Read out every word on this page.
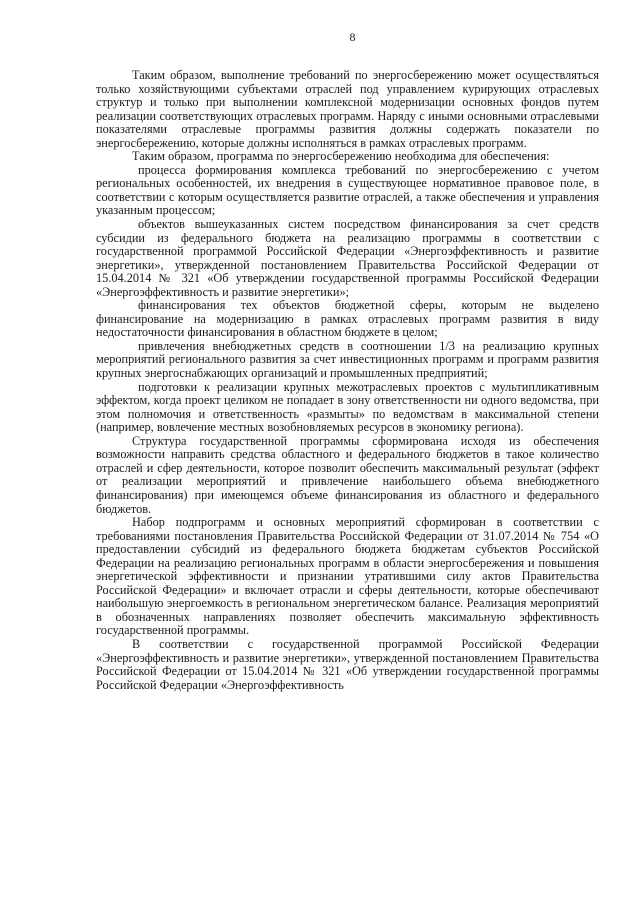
8

Таким образом, выполнение требований по энергосбережению может осуществляться только хозяйствующими субъектами отраслей под управлением курирующих отраслевых структур и только при выполнении комплексной модернизации основных фондов путем реализации соответствующих отраслевых программ. Наряду с иными основными отраслевыми показателями отраслевые программы развития должны содержать показатели по энергосбережению, которые должны исполняться в рамках отраслевых программ.

Таким образом, программа по энергосбережению необходима для обеспечения:

процесса формирования комплекса требований по энергосбережению с учетом региональных особенностей, их внедрения в существующее нормативное правовое поле, в соответствии с которым осуществляется развитие отраслей, а также обеспечения и управления указанным процессом;

объектов вышеуказанных систем посредством финансирования за счет средств субсидии из федерального бюджета на реализацию программы в соответствии с государственной программой Российской Федерации «Энергоэффективность и развитие энергетики», утвержденной постановлением Правительства Российской Федерации от 15.04.2014 № 321 «Об утверждении государственной программы Российской Федерации «Энергоэффективность и развитие энергетики»;

финансирования тех объектов бюджетной сферы, которым не выделено финансирование на модернизацию в рамках отраслевых программ развития в виду недостаточности финансирования в областном бюджете в целом;

привлечения внебюджетных средств в соотношении 1/3 на реализацию крупных мероприятий регионального развития за счет инвестиционных программ и программ развития крупных энергоснабжающих организаций и промышленных предприятий;

подготовки к реализации крупных межотраслевых проектов с мультипликативным эффектом, когда проект целиком не попадает в зону ответственности ни одного ведомства, при этом полномочия и ответственность «размыты» по ведомствам в максимальной степени (например, вовлечение местных возобновляемых ресурсов в экономику региона).

Структура государственной программы сформирована исходя из обеспечения возможности направить средства областного и федерального бюджетов в такое количество отраслей и сфер деятельности, которое позволит обеспечить максимальный результат (эффект от реализации мероприятий и привлечение наибольшего объема внебюджетного финансирования) при имеющемся объеме финансирования из областного и федерального бюджетов.

Набор подпрограмм и основных мероприятий сформирован в соответствии с требованиями постановления Правительства Российской Федерации от 31.07.2014 № 754 «О предоставлении субсидий из федерального бюджета бюджетам субъектов Российской Федерации на реализацию региональных программ в области энергосбережения и повышения энергетической эффективности и признании утратившими силу актов Правительства Российской Федерации» и включает отрасли и сферы деятельности, которые обеспечивают наибольшую энергоемкость в региональном энергетическом балансе. Реализация мероприятий в обозначенных направлениях позволяет обеспечить максимальную эффективность государственной программы.

В соответствии с государственной программой Российской Федерации «Энергоэффективность и развитие энергетики», утвержденной постановлением Правительства Российской Федерации от 15.04.2014 № 321 «Об утверждении государственной программы Российской Федерации «Энергоэффективность
